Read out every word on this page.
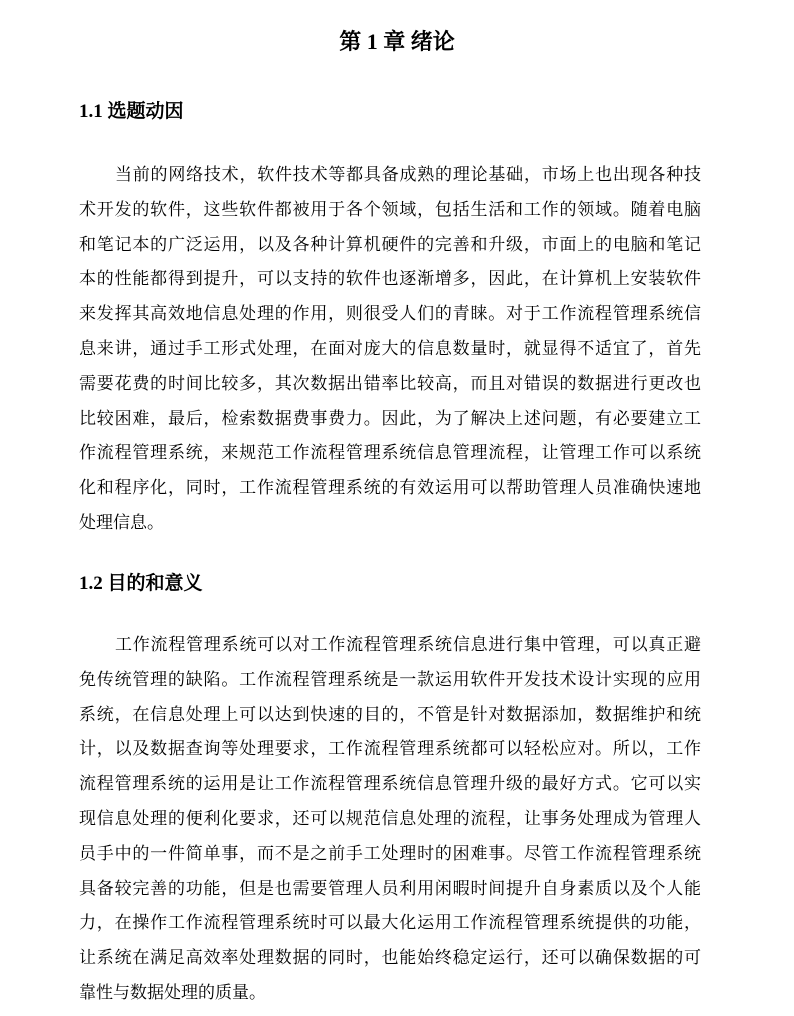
第 1 章 绪论
1.1 选题动因
当前的网络技术，软件技术等都具备成熟的理论基础，市场上也出现各种技
术开发的软件，这些软件都被用于各个领域，包括生活和工作的领域。随着电脑
和笔记本的广泛运用，以及各种计算机硬件的完善和升级，市面上的电脑和笔记
本的性能都得到提升，可以支持的软件也逐渐增多，因此，在计算机上安装软件
来发挥其高效地信息处理的作用，则很受人们的青睐。对于工作流程管理系统信
息来讲，通过手工形式处理，在面对庞大的信息数量时，就显得不适宜了，首先
需要花费的时间比较多，其次数据出错率比较高，而且对错误的数据进行更改也
比较困难，最后，检索数据费事费力。因此，为了解决上述问题，有必要建立工
作流程管理系统，来规范工作流程管理系统信息管理流程，让管理工作可以系统
化和程序化，同时，工作流程管理系统的有效运用可以帮助管理人员准确快速地
处理信息。
1.2 目的和意义
工作流程管理系统可以对工作流程管理系统信息进行集中管理，可以真正避
免传统管理的缺陷。工作流程管理系统是一款运用软件开发技术设计实现的应用
系统，在信息处理上可以达到快速的目的，不管是针对数据添加，数据维护和统
计，以及数据查询等处理要求，工作流程管理系统都可以轻松应对。所以，工作
流程管理系统的运用是让工作流程管理系统信息管理升级的最好方式。它可以实
现信息处理的便利化要求，还可以规范信息处理的流程，让事务处理成为管理人
员手中的一件简单事，而不是之前手工处理时的困难事。尽管工作流程管理系统
具备较完善的功能，但是也需要管理人员利用闲暇时间提升自身素质以及个人能
力，在操作工作流程管理系统时可以最大化运用工作流程管理系统提供的功能，
让系统在满足高效率处理数据的同时，也能始终稳定运行，还可以确保数据的可
靠性与数据处理的质量。
